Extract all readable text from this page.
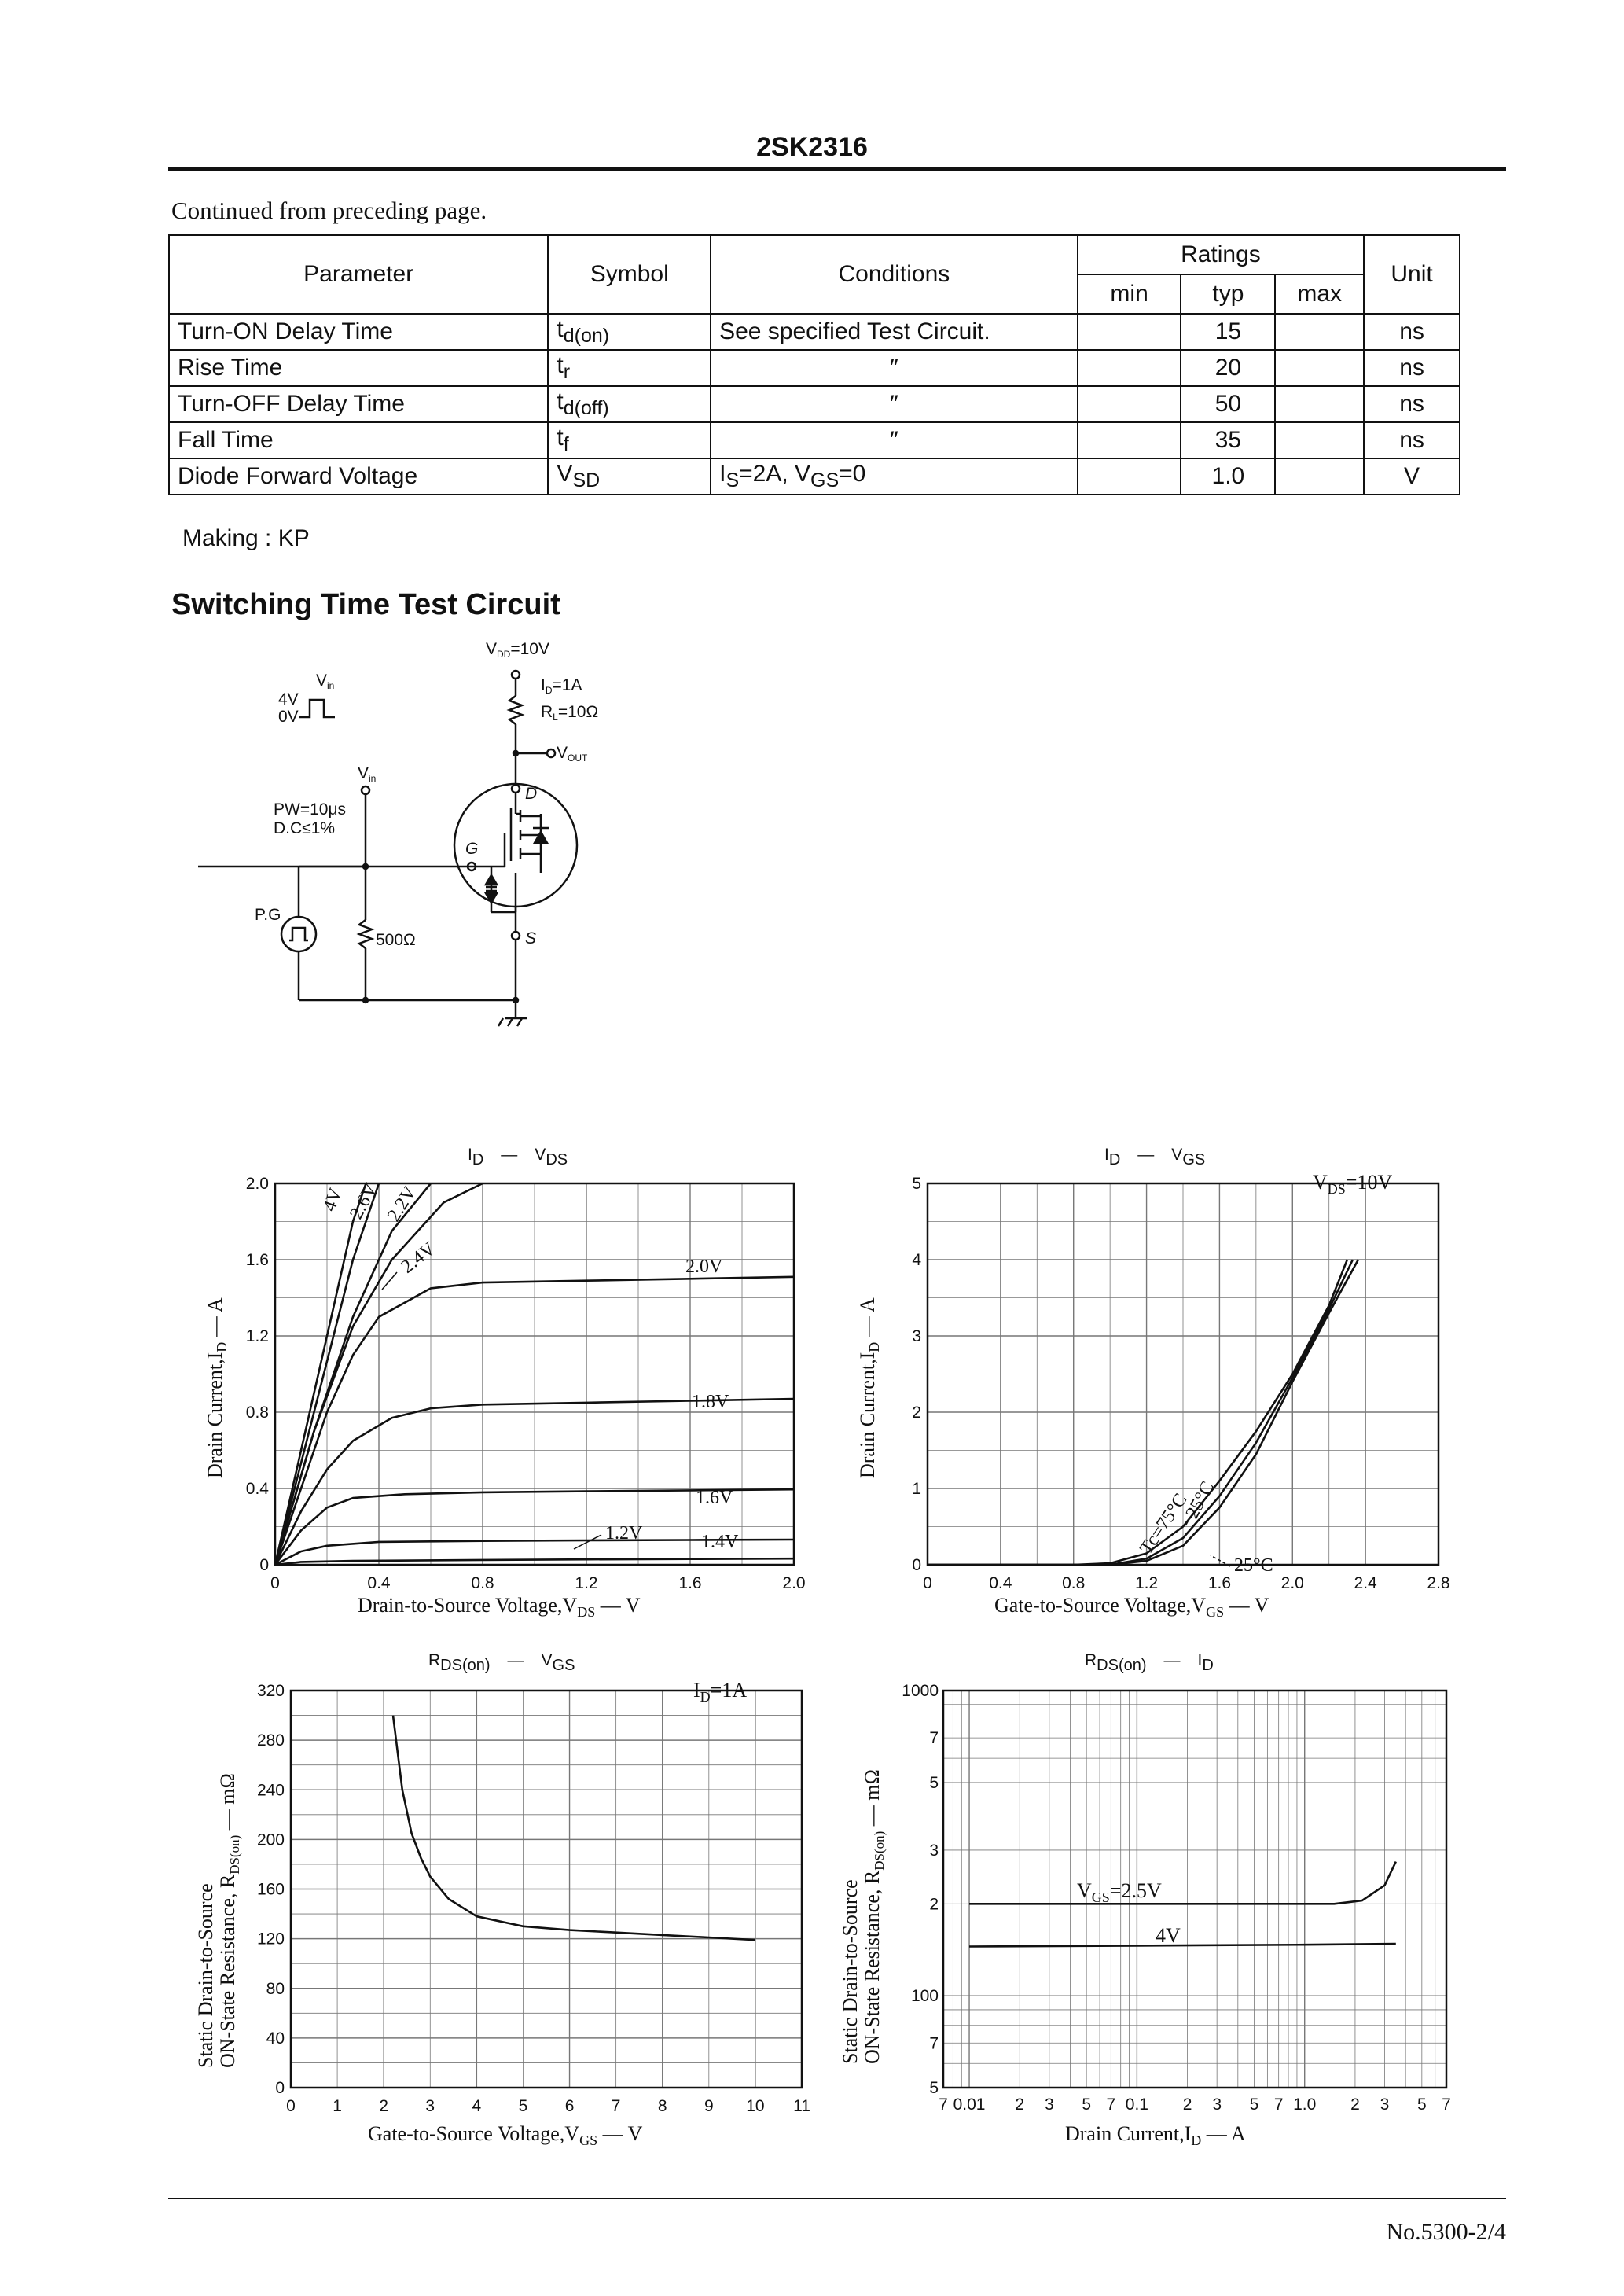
2SK2316
Continued from preceding page.
Parameter	Symbol	Conditions	Ratings			Unit
			min	typ	max	
Turn-ON Delay Time	$t_{d(on)}$	See specified Test Circuit.		15		ns
Rise Time	$t_r$	″		20		ns
Turn-OFF Delay Time	$t_{d(off)}$	″		50		ns
Fall Time	$t_f$	″		35		ns
Diode Forward Voltage	$V_{SD}$	$I_S=2A$, $V_{GS}=0$		1.0		V
Making : KP
Switching Time Test Circuit
VDD=10V
ID=1A
RL=10Ω
VOUT
Vin
4V
0V
Vin
PW=10μs
D.C≤1%
P.G
500Ω
D
G
S
0	0.4	0.8	1.2	1.6	2.0
0
0.4
0.8
1.2
1.6
2.0
ID — VDS
Drain-to-Source $Voltage,V_{DS}$ — V
Drain $Current,I_D$ — A
4V 2.6V 2.2V
2.4V	2.0V
1.8V
1.6V
1.4V
1.2V
0	0.4	0.8	1.2	1.6	2.0	2.4	2.8
0
1
2
3
4
5
ID — VGS
Gate-to-Source $Voltage,V_{GS}$ — V
Drain $Current,I_D$ — A
$V_{DS}=10V$
Tc=75°C
−25°C
25°C
0 1 2 3 4 5 6 7 8 9 10 11
0
40
80
120
160
200
240
280
320
RDS(on) — VGS
Gate-to-Source $Voltage,V_{GS}$ — V
Static Drain-to-Source ON-State Resistance, $R_{DS(on)}$ — mΩ
$I_D=1A$
7 0.01 2 3 5 7 0.1 2 3 5 7 1.0 2 3 5 7
5
7
100
2
3
5
7
1000
RDS(on) — ID
Drain $Current,I_D$ — A
Static Drain-to-Source ON-State Resistance, $R_{DS(on)}$ — mΩ
$V_{GS}=2.5V$
4V
No.5300-2/4
